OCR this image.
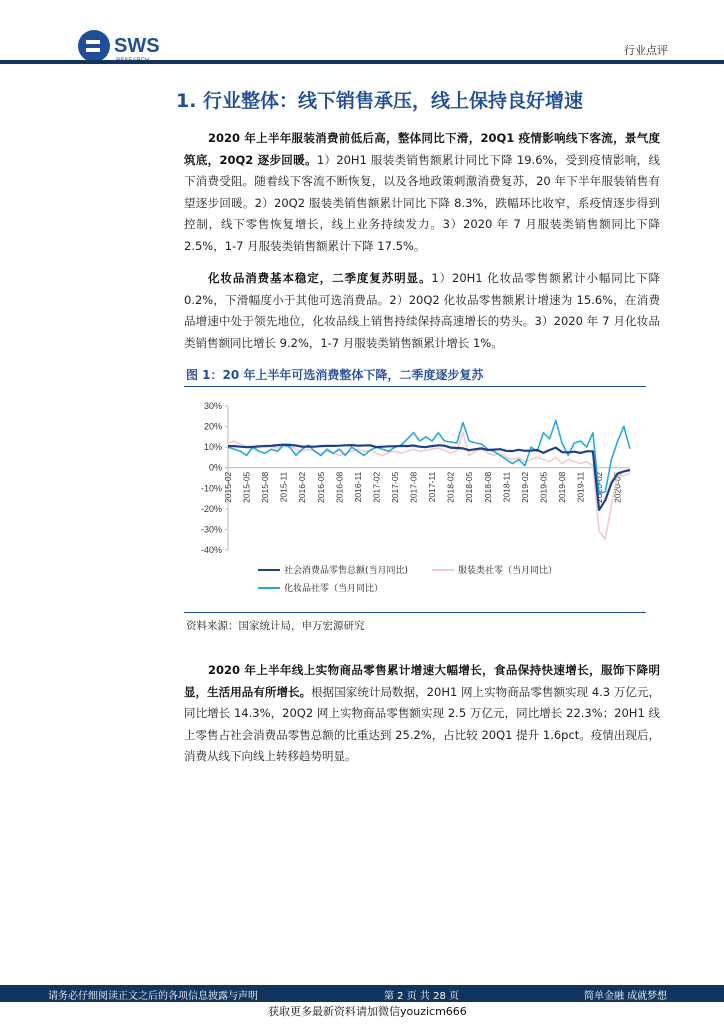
SWS	行业点评
1. 行业整体：线下销售承压，线上保持良好增速
2020 年上半年服装消费前低后高，整体同比下滑，20Q1 疫情影响线下客流，景气度筑底，20Q2 逐步回暖。1）20H1 服装类销售额累计同比下降 19.6%，受到疫情影响，线下消费受阻。随着线下客流不断恢复，以及各地政策刺激消费复苏，20 年下半年服装销售有望逐步回暖。2）20Q2 服装类销售额累计同比下降 8.3%，跌幅环比收窄，系疫情逐步得到控制，线下零售恢复增长，线上业务持续发力。3）2020 年 7 月服装类销售额同比下降 2.5%，1-7 月服装类销售额累计下降 17.5%。
化妆品消费基本稳定，二季度复苏明显。1）20H1 化妆品零售额累计小幅同比下降 0.2%，下滑幅度小于其他可选消费品。2）20Q2 化妆品零售额累计增速为 15.6%，在消费品增速中处于领先地位，化妆品线上销售持续保持高速增长的势头。3）2020 年 7 月化妆品类销售额同比增长 9.2%，1-7 月服装类销售额累计增长 1%。
图 1：20 年上半年可选消费整体下降，二季度逐步复苏
30%
20%
10%
0%
-10%
-20%
-30%
-40%
2015-02 2015-05 2015-08 2015-11 2016-02 2016-05 2016-08 2016-11 2017-02 2017-05 2017-08 2017-11 2018-02 2018-05 2018-08 2018-11 2019-02 2019-05 2019-08 2019-11 2020-02 2020-05
社会消费品零售总额(当月同比)	服装类社零（当月同比）
化妆品社零（当月同比）
资料来源：国家统计局，申万宏源研究
2020 年上半年线上实物商品零售累计增速大幅增长，食品保持快速增长，服饰下降明显，生活用品有所增长。根据国家统计局数据，20H1 网上实物商品零售额实现 4.3 万亿元，同比增长 14.3%，20Q2 网上实物商品零售额实现 2.5 万亿元，同比增长 22.3%；20H1 线上零售占社会消费品零售总额的比重达到 25.2%，占比较 20Q1 提升 1.6pct。疫情出现后，消费从线下向线上转移趋势明显。
请务必仔细阅读正文之后的各项信息披露与声明	第 2 页 共 28 页	简单金融 成就梦想
获取更多最新资料请加微信youzicm666
